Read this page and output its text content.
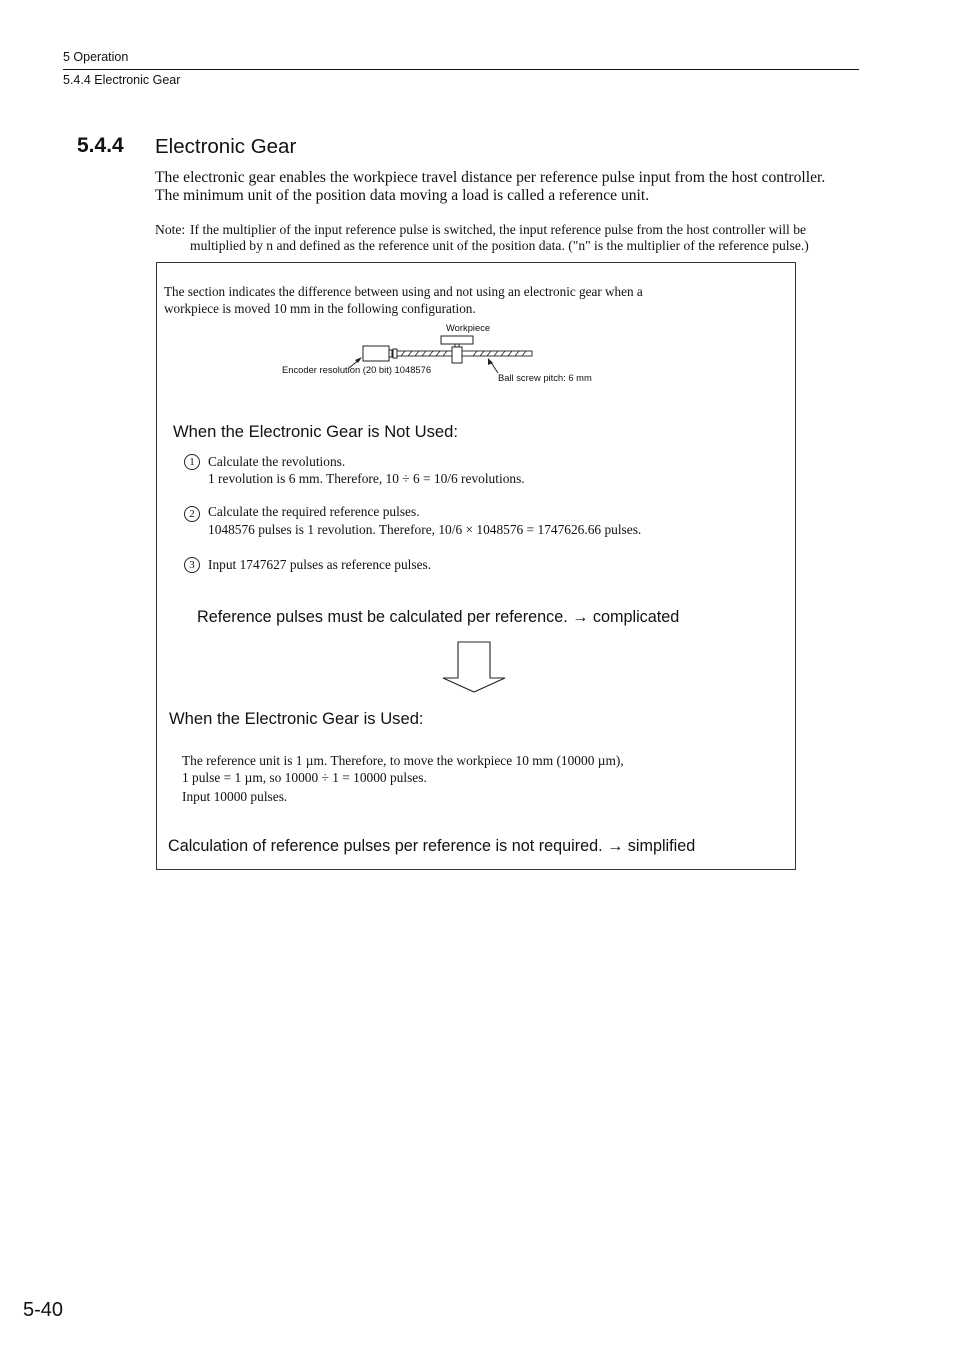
5 Operation
5.4.4 Electronic Gear
5.4.4 Electronic Gear
The electronic gear enables the workpiece travel distance per reference pulse input from the host controller.
The minimum unit of the position data moving a load is called a reference unit.
Note: If the multiplier of the input reference pulse is switched, the input reference pulse from the host controller will be
multiplied by n and defined as the reference unit of the position data. ("n" is the multiplier of the reference pulse.)
The section indicates the difference between using and not using an electronic gear when a
workpiece is moved 10 mm in the following configuration.
Workpiece
Encoder resolution (20 bit) 1048576
Ball screw pitch: 6 mm
When the Electronic Gear is Not Used:
1 Calculate the revolutions.
1 revolution is 6 mm. Therefore, 10 ÷ 6 = 10/6 revolutions.
2 Calculate the required reference pulses.
1048576 pulses is 1 revolution. Therefore, 10/6 × 1048576 = 1747626.66 pulses.
3 Input 1747627 pulses as reference pulses.
Reference pulses must be calculated per reference. → complicated
When the Electronic Gear is Used:
The reference unit is 1 µm. Therefore, to move the workpiece 10 mm (10000 µm),
1 pulse = 1 µm, so 10000 ÷ 1 = 10000 pulses.
Input 10000 pulses.
Calculation of reference pulses per reference is not required. → simplified
5-40
